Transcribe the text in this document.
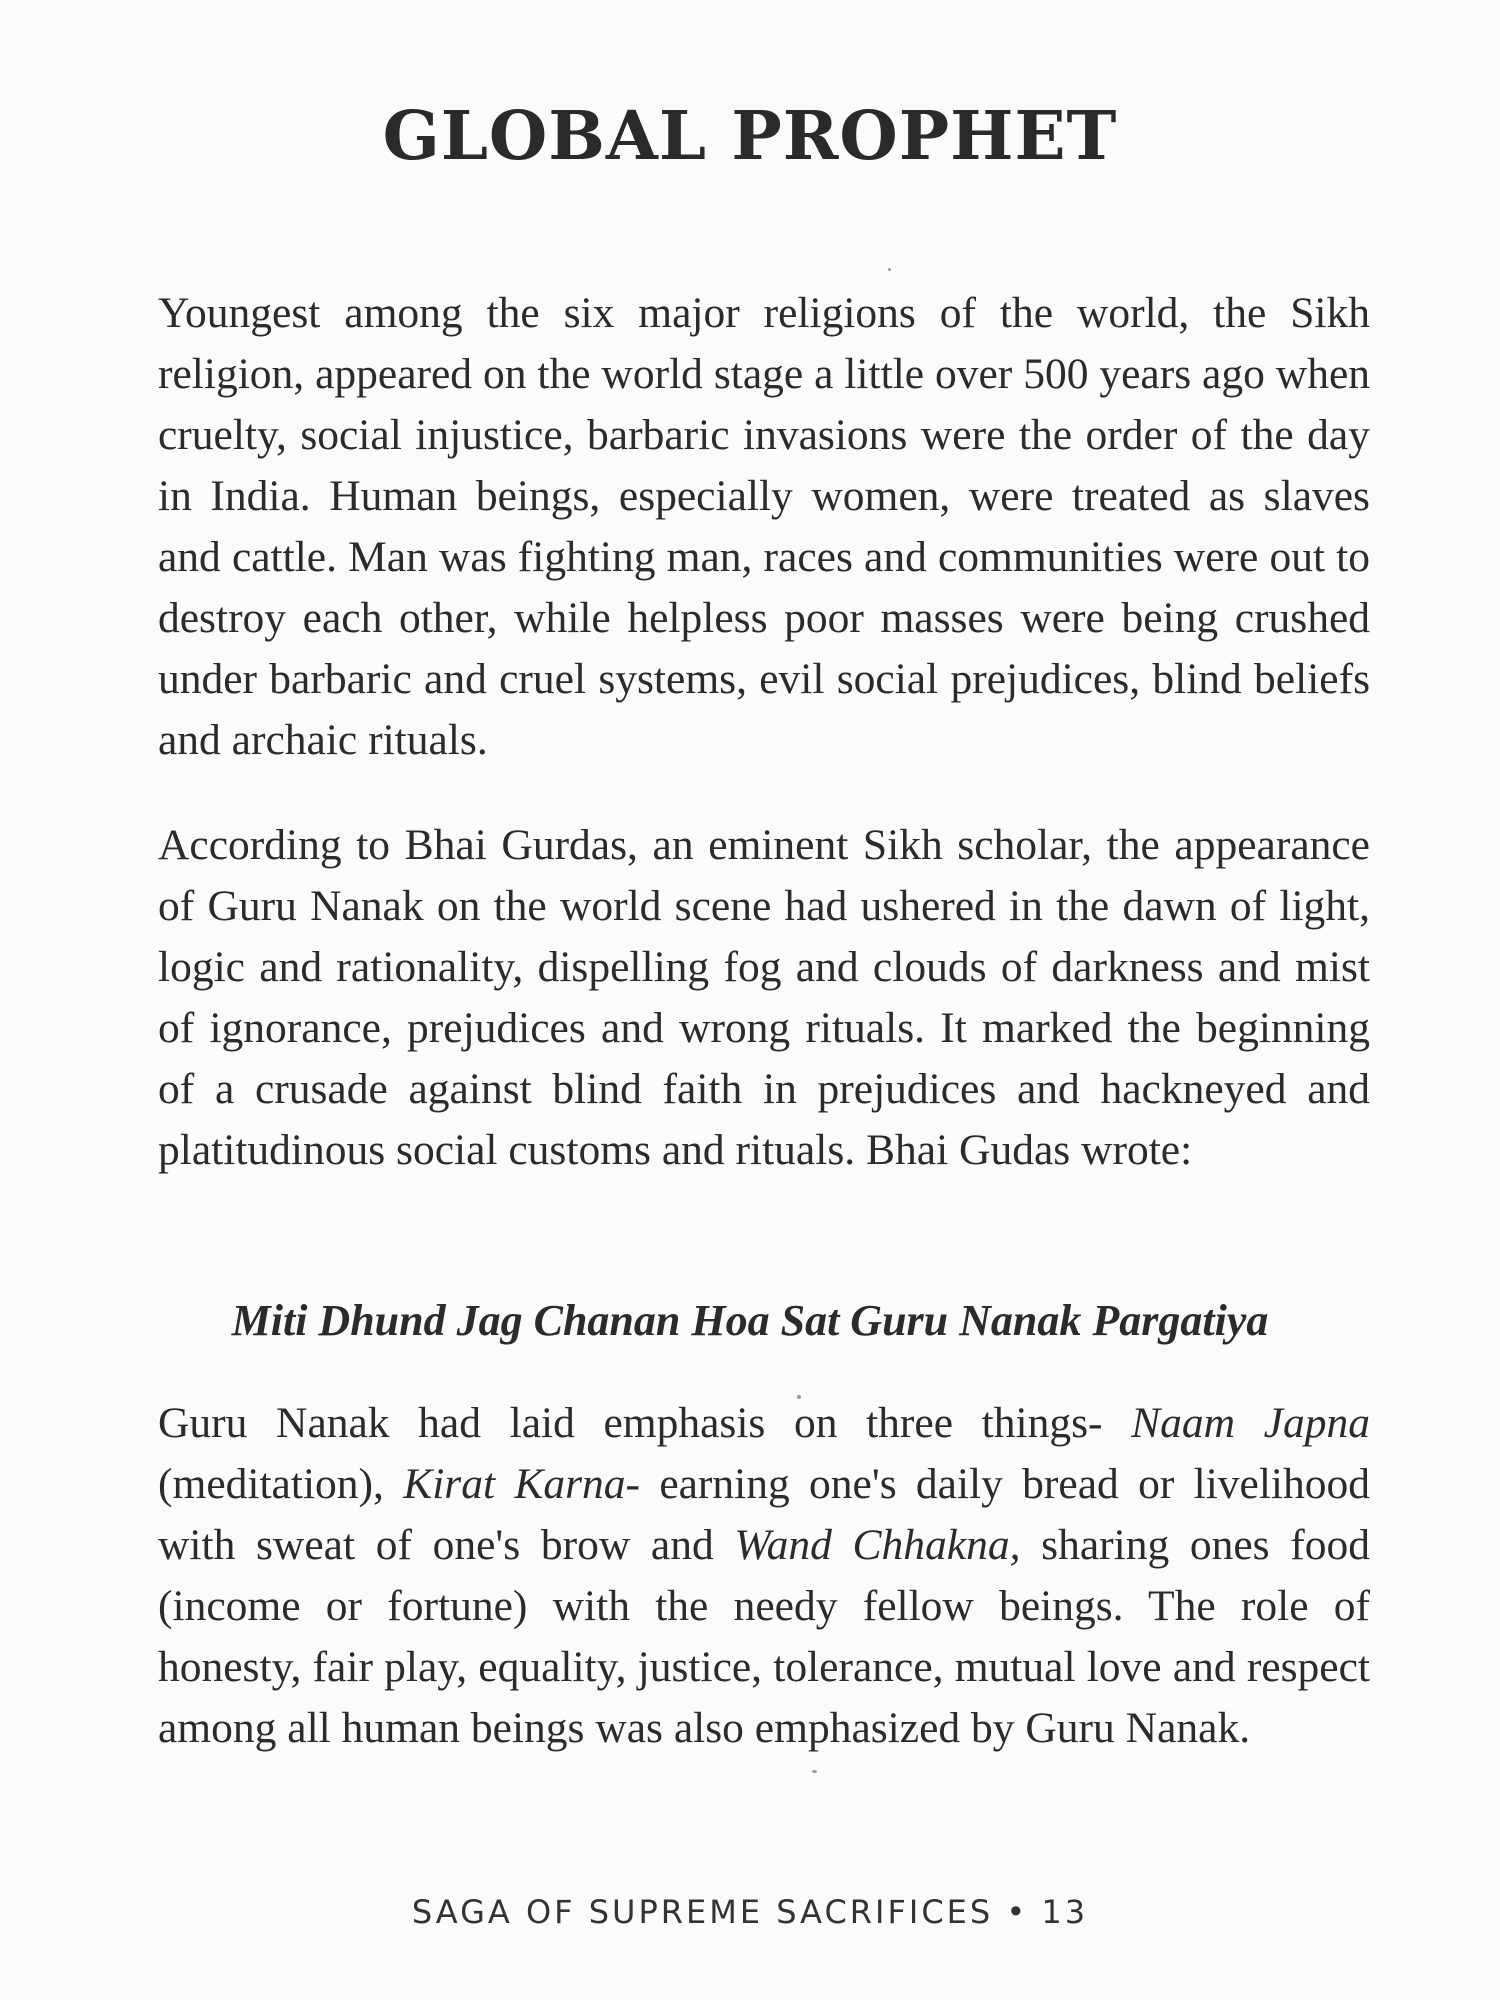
GLOBAL PROPHET

Youngest among the six major religions of the world, the Sikh religion, appeared on the world stage a little over 500 years ago when cruelty, social injustice, barbaric invasions were the order of the day in India. Human beings, especially women, were treated as slaves and cattle. Man was fighting man, races and communities were out to destroy each other, while helpless poor masses were being crushed under barbaric and cruel systems, evil social prejudices, blind beliefs and archaic rituals.

According to Bhai Gurdas, an eminent Sikh scholar, the appearance of Guru Nanak on the world scene had ushered in the dawn of light, logic and rationality, dispelling fog and clouds of darkness and mist of ignorance, prejudices and wrong rituals. It marked the beginning of a crusade against blind faith in prejudices and hackneyed and platitudinous social customs and rituals. Bhai Gudas wrote:

Miti Dhund Jag Chanan Hoa Sat Guru Nanak Pargatiya

Guru Nanak had laid emphasis on three things- Naam Japna (meditation), Kirat Karna- earning one's daily bread or livelihood with sweat of one's brow and Wand Chhakna, sharing ones food (income or fortune) with the needy fellow beings. The role of honesty, fair play, equality, justice, tolerance, mutual love and respect among all human beings was also emphasized by Guru Nanak.

SAGA OF SUPREME SACRIFICES • 13
